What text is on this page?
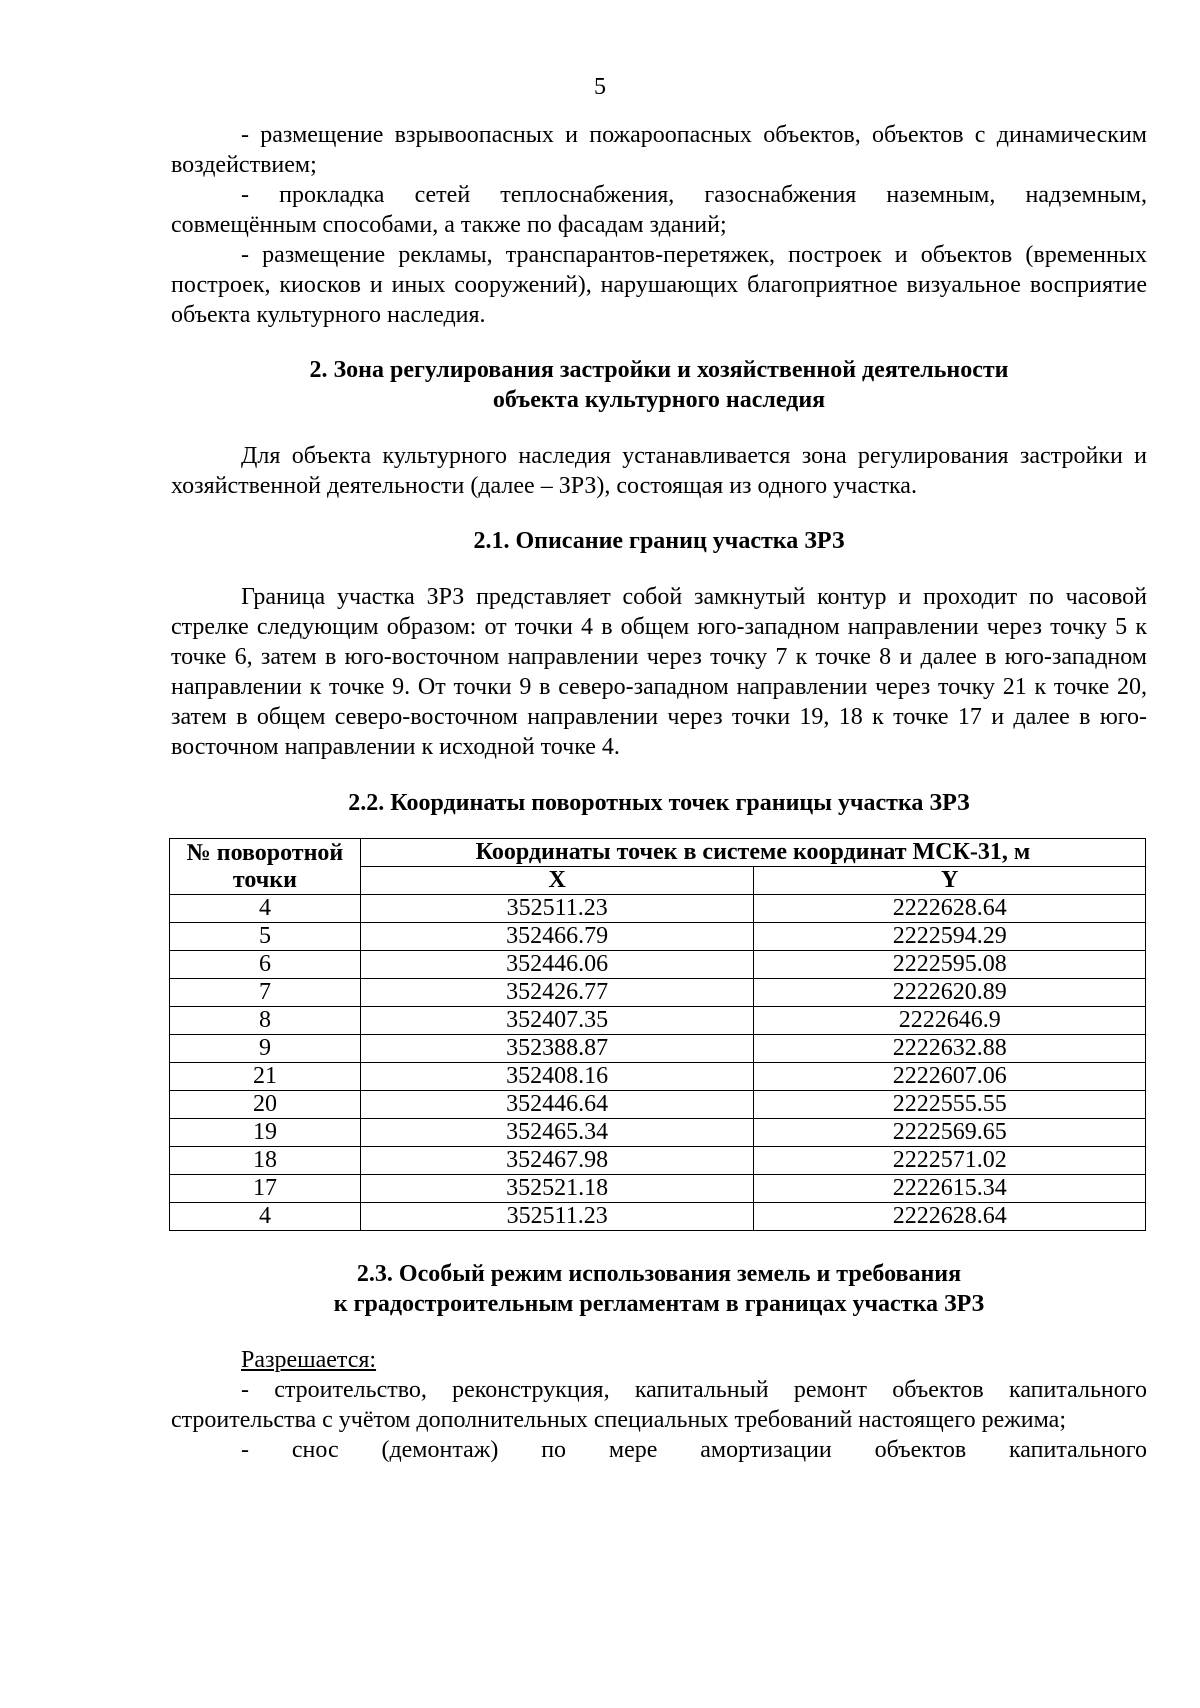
5

- размещение взрывоопасных и пожароопасных объектов, объектов с динамическим воздействием;

- прокладка сетей теплоснабжения, газоснабжения наземным, надземным, совмещённым способами, а также по фасадам зданий;

- размещение рекламы, транспарантов-перетяжек, построек и объектов (временных построек, киосков и иных сооружений), нарушающих благоприятное визуальное восприятие объекта культурного наследия.

2. Зона регулирования застройки и хозяйственной деятельности

объекта культурного наследия

Для объекта культурного наследия устанавливается зона регулирования застройки и хозяйственной деятельности (далее – ЗРЗ), состоящая из одного участка.

2.1. Описание границ участка ЗРЗ

Граница участка ЗРЗ представляет собой замкнутый контур и проходит по часовой стрелке следующим образом: от точки 4 в общем юго-западном направлении через точку 5 к точке 6, затем в юго-восточном направлении через точку 7 к точке 8 и далее в юго-западном направлении к точке 9. От точки 9 в северо-западном направлении через точку 21 к точке 20, затем в общем северо-восточном направлении через точки 19, 18 к точке 17 и далее в юго-восточном направлении к исходной точке 4.

2.2. Координаты поворотных точек границы участка ЗРЗ

№ поворотной
точки	Координаты точек в системе координат МСК-31, м	
	X	Y
4	352511.23	2222628.64
5	352466.79	2222594.29
6	352446.06	2222595.08
7	352426.77	2222620.89
8	352407.35	2222646.9
9	352388.87	2222632.88
21	352408.16	2222607.06
20	352446.64	2222555.55
19	352465.34	2222569.65
18	352467.98	2222571.02
17	352521.18	2222615.34
4	352511.23	2222628.64

2.3. Особый режим использования земель и требования

к градостроительным регламентам в границах участка ЗРЗ

Разрешается:

- строительство, реконструкция, капитальный ремонт объектов капитального строительства с учётом дополнительных специальных требований настоящего режима;

- снос (демонтаж) по мере амортизации объектов капитального
